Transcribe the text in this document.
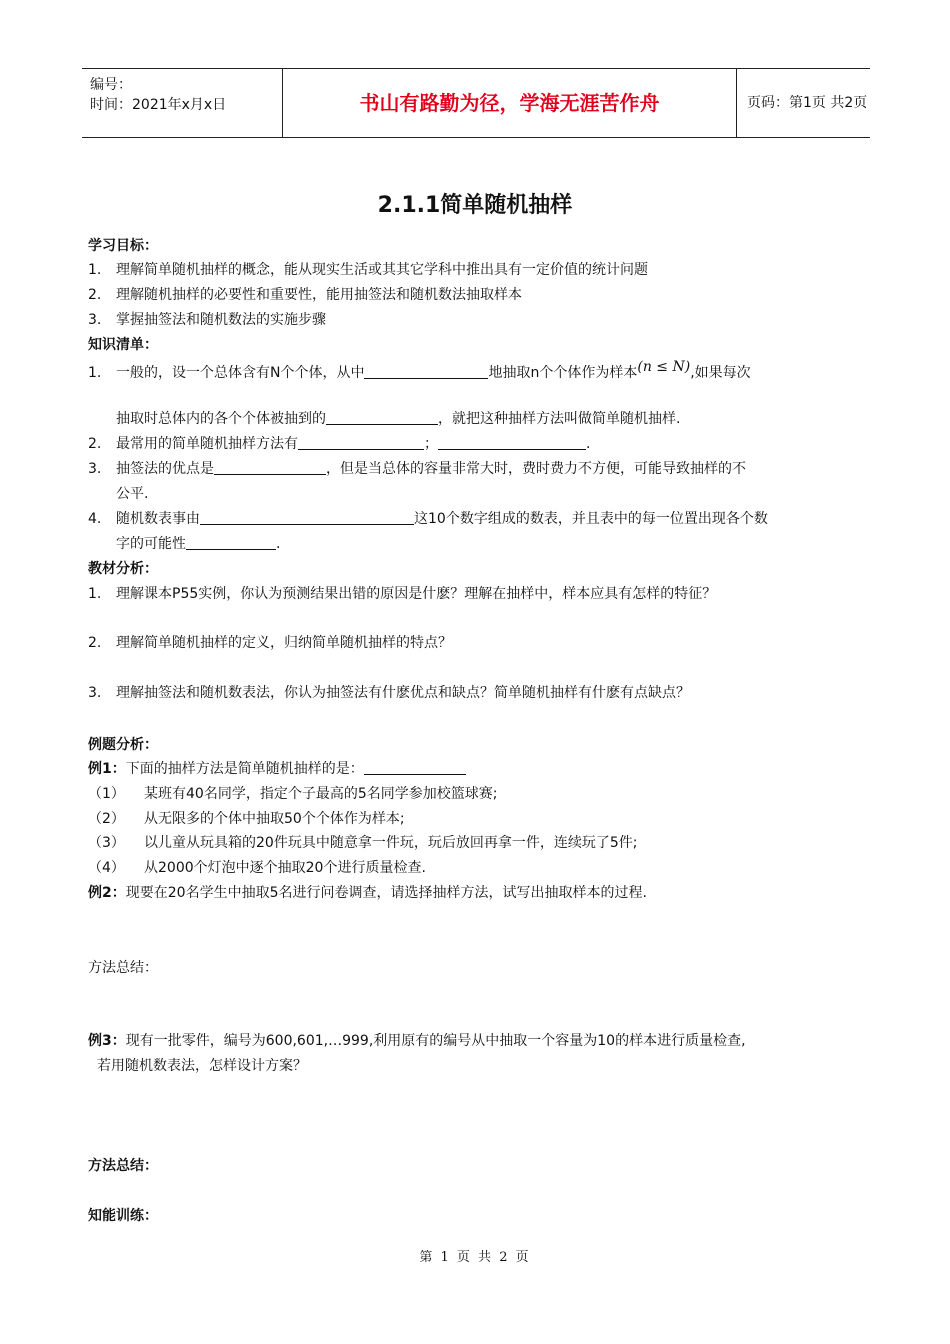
编号：
时间：2021年x月x日	书山有路勤为径，学海无涯苦作舟	页码：第1页 共2页
2.1.1简单随机抽样
学习目标：
1. 理解简单随机抽样的概念，能从现实生活或其其它学科中推出具有一定价值的统计问题
2. 理解随机抽样的必要性和重要性，能用抽签法和随机数法抽取样本
3. 掌握抽签法和随机数法的实施步骤
知识清单：
1. 一般的，设一个总体含有N个个体，从中	地抽取n个个体作为样本(n ≤ N),如果每次
抽取时总体内的各个个体被抽到的	，就把这种抽样方法叫做简单随机抽样.
2. 最常用的简单随机抽样方法有	；	.
3. 抽签法的优点是	，但是当总体的容量非常大时，费时费力不方便，可能导致抽样的不
公平.
4. 随机数表事由	这10个数字组成的数表，并且表中的每一位置出现各个数
字的可能性	.
教材分析：
1. 理解课本P55实例，你认为预测结果出错的原因是什麽？理解在抽样中，样本应具有怎样的特征？
2. 理解简单随机抽样的定义，归纳简单随机抽样的特点？
3. 理解抽签法和随机数表法，你认为抽签法有什麽优点和缺点？简单随机抽样有什麽有点缺点？
例题分析：
例1：下面的抽样方法是简单随机抽样的是：
（1） 某班有40名同学，指定个子最高的5名同学参加校篮球赛;
（2） 从无限多的个体中抽取50个个体作为样本;
（3） 以儿童从玩具箱的20件玩具中随意拿一件玩，玩后放回再拿一件，连续玩了5件;
（4） 从2000个灯泡中逐个抽取20个进行质量检查.
例2：现要在20名学生中抽取5名进行问卷调查，请选择抽样方法，试写出抽取样本的过程.
方法总结：
例3：现有一批零件，编号为600,601,…999,利用原有的编号从中抽取一个容量为10的样本进行质量检查,
若用随机数表法，怎样设计方案？
方法总结：
知能训练：
第 1 页 共 2 页
